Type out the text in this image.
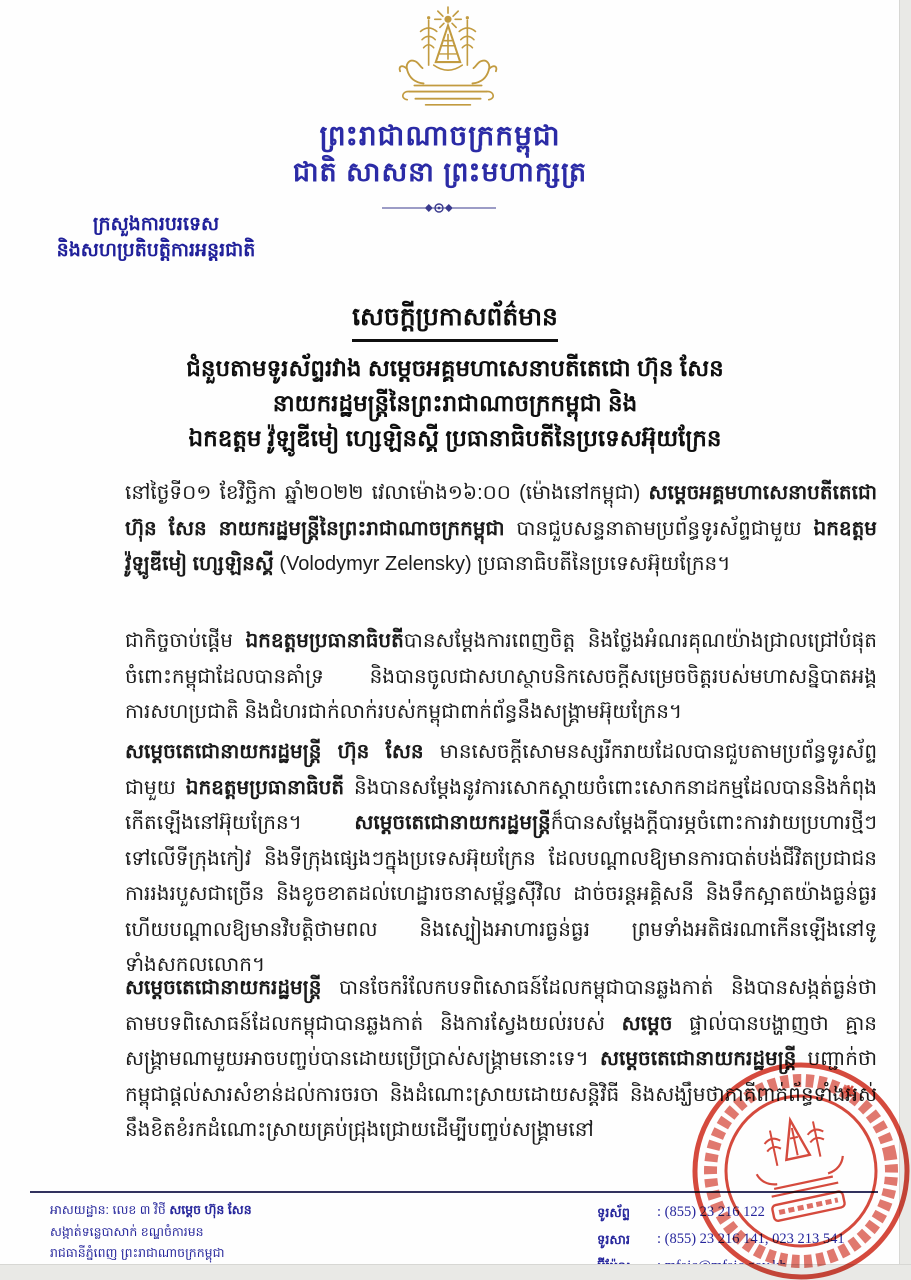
ព្រះរាជាណាចក្រកម្ពុជា
ជាតិ សាសនា ព្រះមហាក្សត្រ
ក្រសួងការបរទេស
និងសហប្រតិបត្តិការអន្តរជាតិ
សេចក្តីប្រកាសព័ត៌មាន
ជំនួបតាមទូរស័ព្ទរវាង សម្តេចអគ្គមហាសេនាបតីតេជោ ហ៊ុន សែន
នាយករដ្ឋមន្ត្រីនៃព្រះរាជាណាចក្រកម្ពុជា និង
ឯកឧត្តម វ៉ូឡូឌីមៀ ហ្សេឡិនស្គី ប្រធានាធិបតីនៃប្រទេសអ៊ុយក្រែន

នៅថ្ងៃទី០១ ខែវិច្ឆិកា ឆ្នាំ២០២២ វេលាម៉ោង១៦:០០ (ម៉ោងនៅកម្ពុជា) សម្តេចអគ្គមហាសេនាបតីតេជោ ហ៊ុន សែន នាយករដ្ឋមន្ត្រីនៃព្រះរាជាណាចក្រកម្ពុជា បានជួបសន្ទនាតាមប្រព័ន្ធទូរស័ព្ទជាមួយ ឯកឧត្តម វ៉ូឡូឌីមៀ ហ្សេឡិនស្គី (Volodymyr Zelensky) ប្រធានាធិបតីនៃប្រទេសអ៊ុយក្រែន។

ជាកិច្ចចាប់ផ្តើម ឯកឧត្តមប្រធានាធិបតីបានសម្តែងការពេញចិត្ត និងថ្លែងអំណរគុណយ៉ាងជ្រាលជ្រៅបំផុតចំពោះកម្ពុជាដែលបានគាំទ្រ និងបានចូលជាសហស្ថាបនិកសេចក្តីសម្រេចចិត្តរបស់មហាសន្និបាតអង្គការសហប្រជាតិ និងជំហរជាក់លាក់របស់កម្ពុជាពាក់ព័ន្ធនឹងសង្គ្រាមអ៊ុយក្រែន។

សម្តេចតេជោនាយករដ្ឋមន្ត្រី ហ៊ុន សែន មានសេចក្តីសោមនស្សរីករាយដែលបានជួបតាមប្រព័ន្ធទូរស័ព្ទជាមួយ ឯកឧត្តមប្រធានាធិបតី និងបានសម្តែងនូវការសោកស្តាយចំពោះសោកនាដកម្មដែលបាននិងកំពុងកើតឡើងនៅអ៊ុយក្រែន។ សម្តេចតេជោនាយករដ្ឋមន្ត្រីក៏បានសម្តែងក្តីបារម្ភចំពោះការវាយប្រហារថ្មីៗទៅលើទីក្រុងកៀវ និងទីក្រុងផ្សេងៗក្នុងប្រទេសអ៊ុយក្រែន ដែលបណ្តាលឱ្យមានការបាត់បង់ជីវិតប្រជាជន ការរងរបួសជាច្រើន និងខូចខាតដល់ហេដ្ឋារចនាសម្ព័ន្ធស៊ីវិល ដាច់ចរន្តអគ្គិសនី និងទឹកស្អាតយ៉ាងធ្ងន់ធ្ងរ ហើយបណ្តាលឱ្យមានវិបត្តិថាមពល និងស្បៀងអាហារធ្ងន់ធ្ងរ ព្រមទាំងអតិផរណាកើនឡើងនៅទូទាំងសកលលោក។

សម្តេចតេជោនាយករដ្ឋមន្ត្រី បានចែករំលែកបទពិសោធន៍ដែលកម្ពុជាបានឆ្លងកាត់ និងបានសង្កត់ធ្ងន់ថា តាមបទពិសោធន៍ដែលកម្ពុជាបានឆ្លងកាត់ និងការស្វែងយល់របស់ សម្តេច ផ្ទាល់បានបង្ហាញថា គ្មានសង្គ្រាមណាមួយអាចបញ្ចប់បានដោយប្រើប្រាស់សង្គ្រាមនោះទេ។ សម្តេចតេជោនាយករដ្ឋមន្ត្រី បញ្ជាក់ថាកម្ពុជាផ្តល់សារសំខាន់ដល់ការចរចា និងដំណោះស្រាយដោយសន្តិវិធី និងសង្ឃឹមថាភាគីពាក់ព័ន្ធទាំងអស់នឹងខិតខំរកដំណោះស្រាយគ្រប់ជ្រុងជ្រោយដើម្បីបញ្ចប់សង្គ្រាមនៅ

អាសយដ្ឋាន: លេខ ៣ វិថី សម្តេច ហ៊ុន សែន
សង្កាត់ទន្លេបាសាក់ ខណ្ឌចំការមន
រាជធានីភ្នំពេញ ព្រះរាជាណាចក្រកម្ពុជា
ទូរស័ព្ទ	: (855) 23 216 122
ទូរសារ	: (855) 23 216 141, 023 213 541
